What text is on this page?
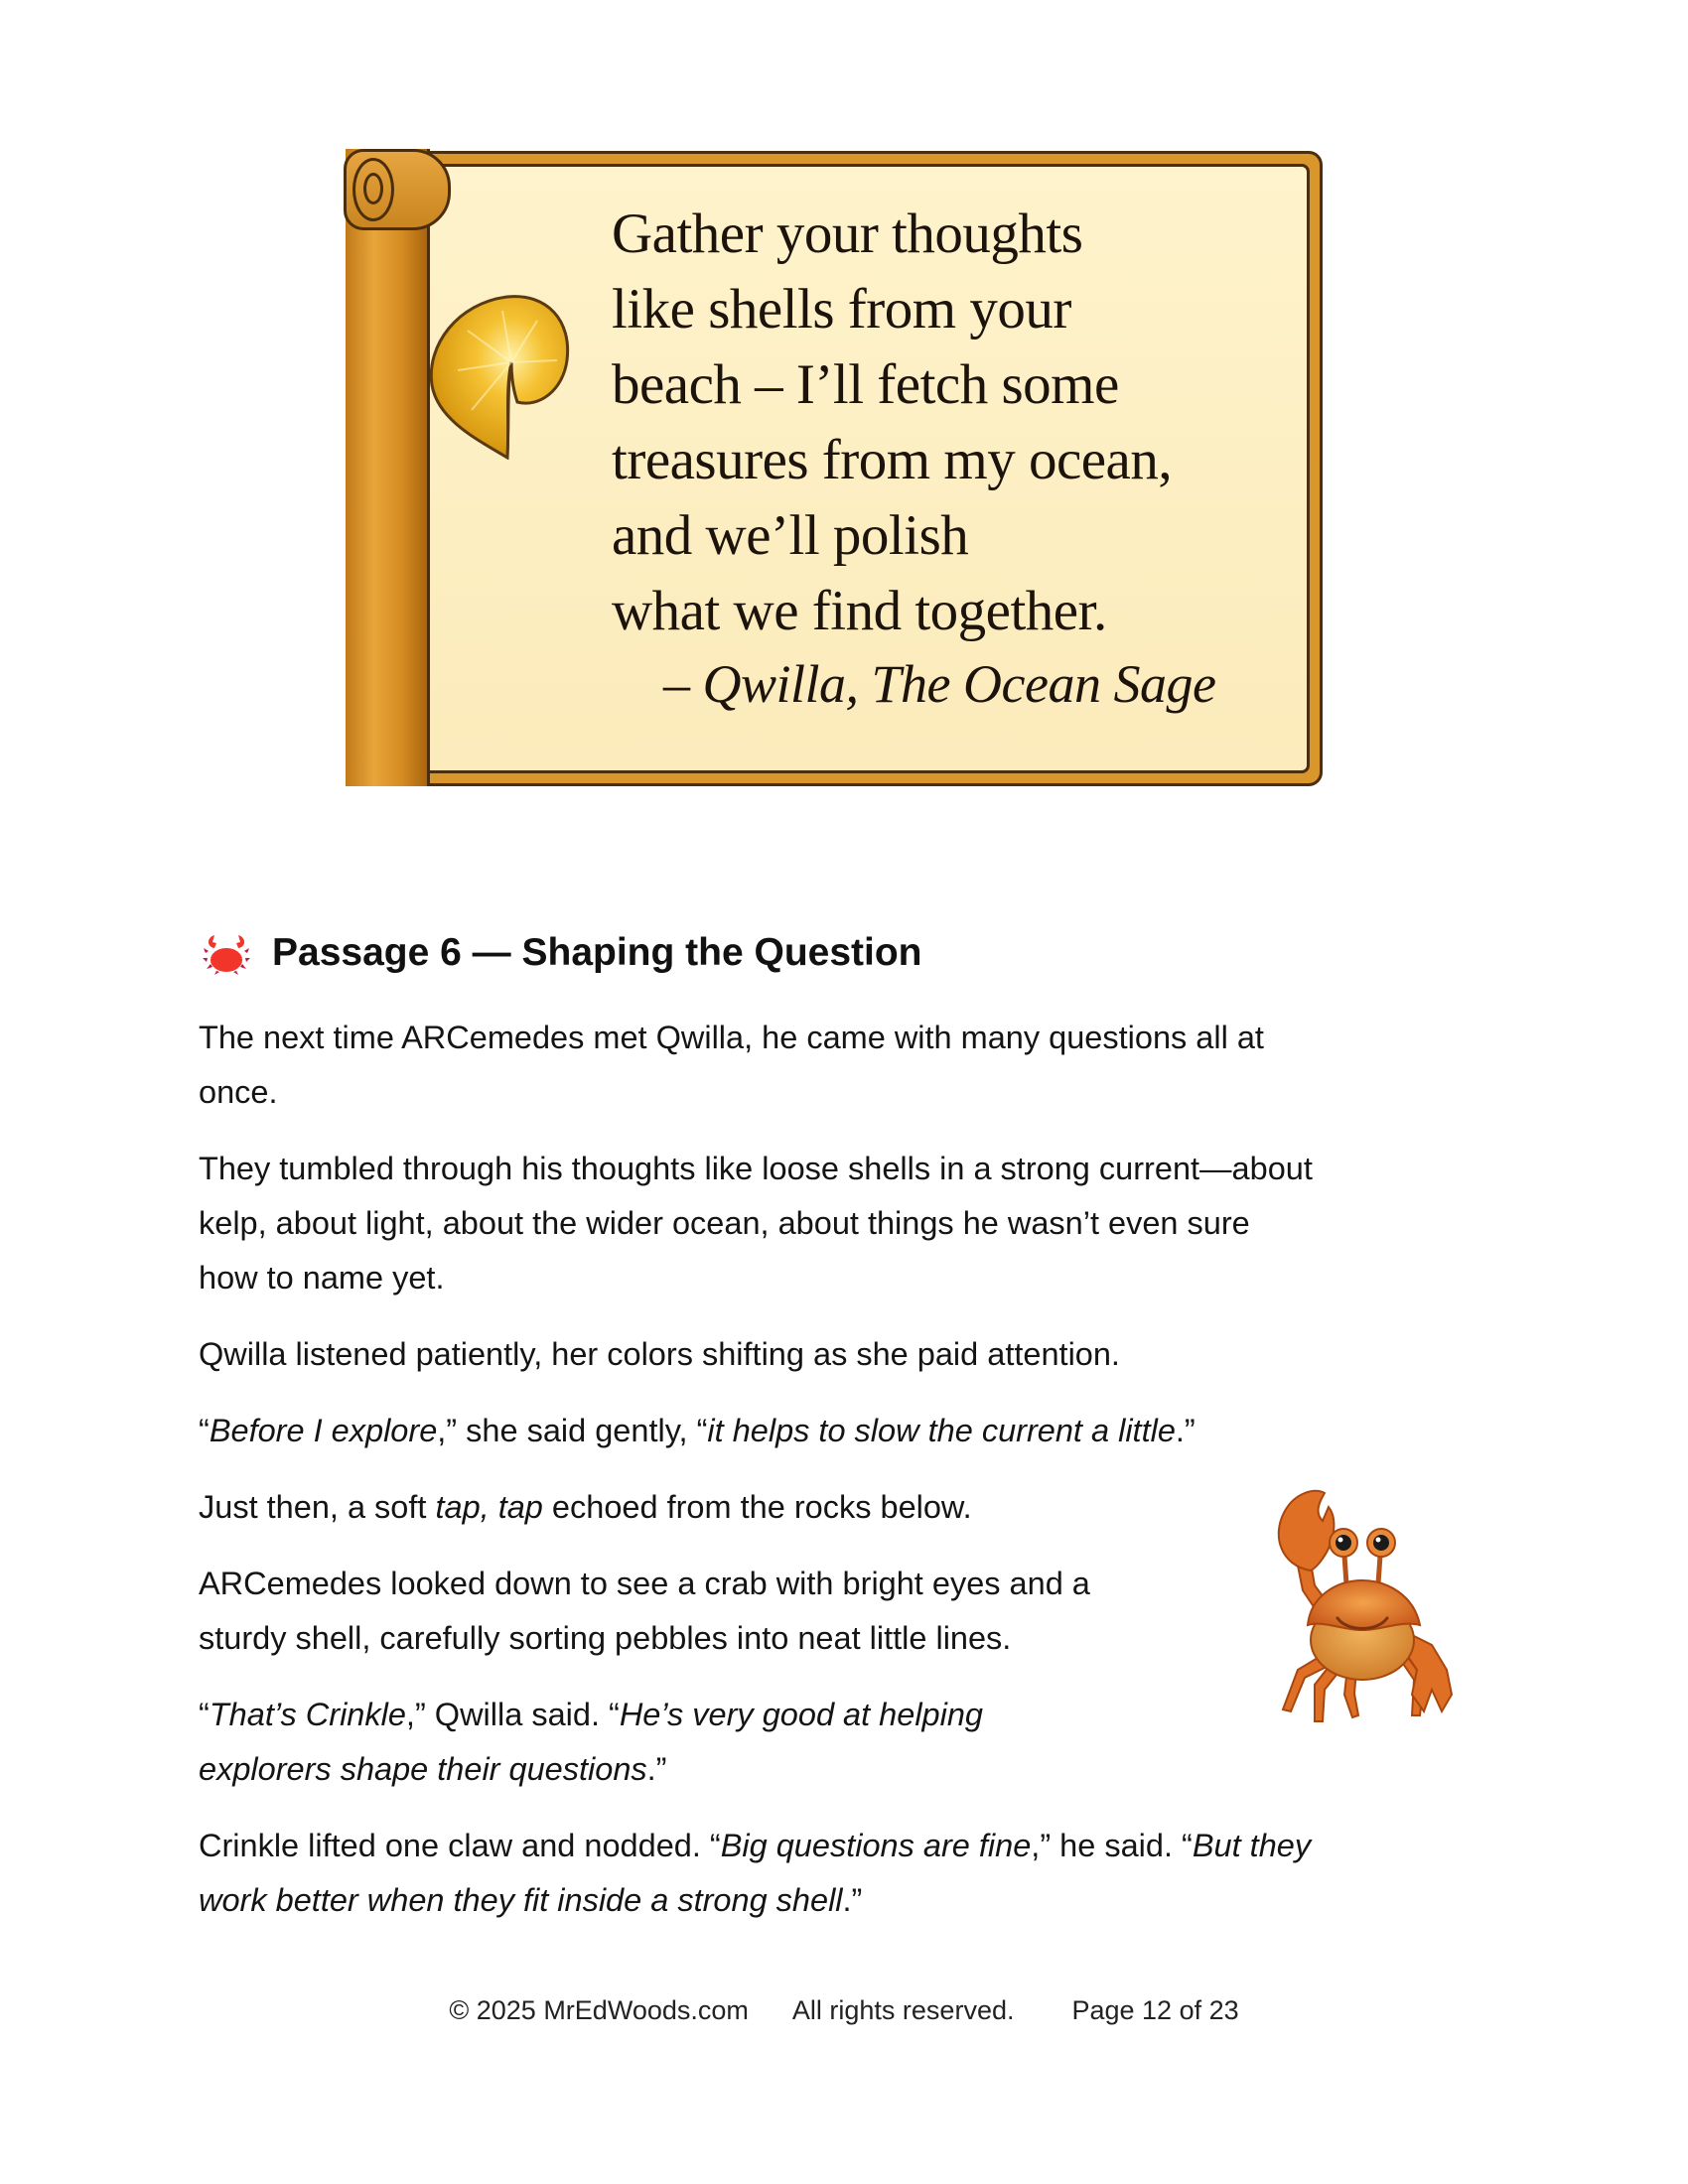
Gather your thoughts
like shells from your
beach – I’ll fetch some
treasures from my ocean,
and we’ll polish
what we find together.
– Qwilla, The Ocean Sage
Passage 6 — Shaping the Question
The next time ARCemedes met Qwilla, he came with many questions all at
once.
They tumbled through his thoughts like loose shells in a strong current—about
kelp, about light, about the wider ocean, about things he wasn’t even sure
how to name yet.
Qwilla listened patiently, her colors shifting as she paid attention.
“Before I explore,” she said gently, “it helps to slow the current a little.”
Just then, a soft tap, tap echoed from the rocks below.
ARCemedes looked down to see a crab with bright eyes and a
sturdy shell, carefully sorting pebbles into neat little lines.
“That’s Crinkle,” Qwilla said. “He’s very good at helping
explorers shape their questions.”
Crinkle lifted one claw and nodded. “Big questions are fine,” he said. “But they
work better when they fit inside a strong shell.”
© 2025 MrEdWoods.com All rights reserved. Page 12 of 23
